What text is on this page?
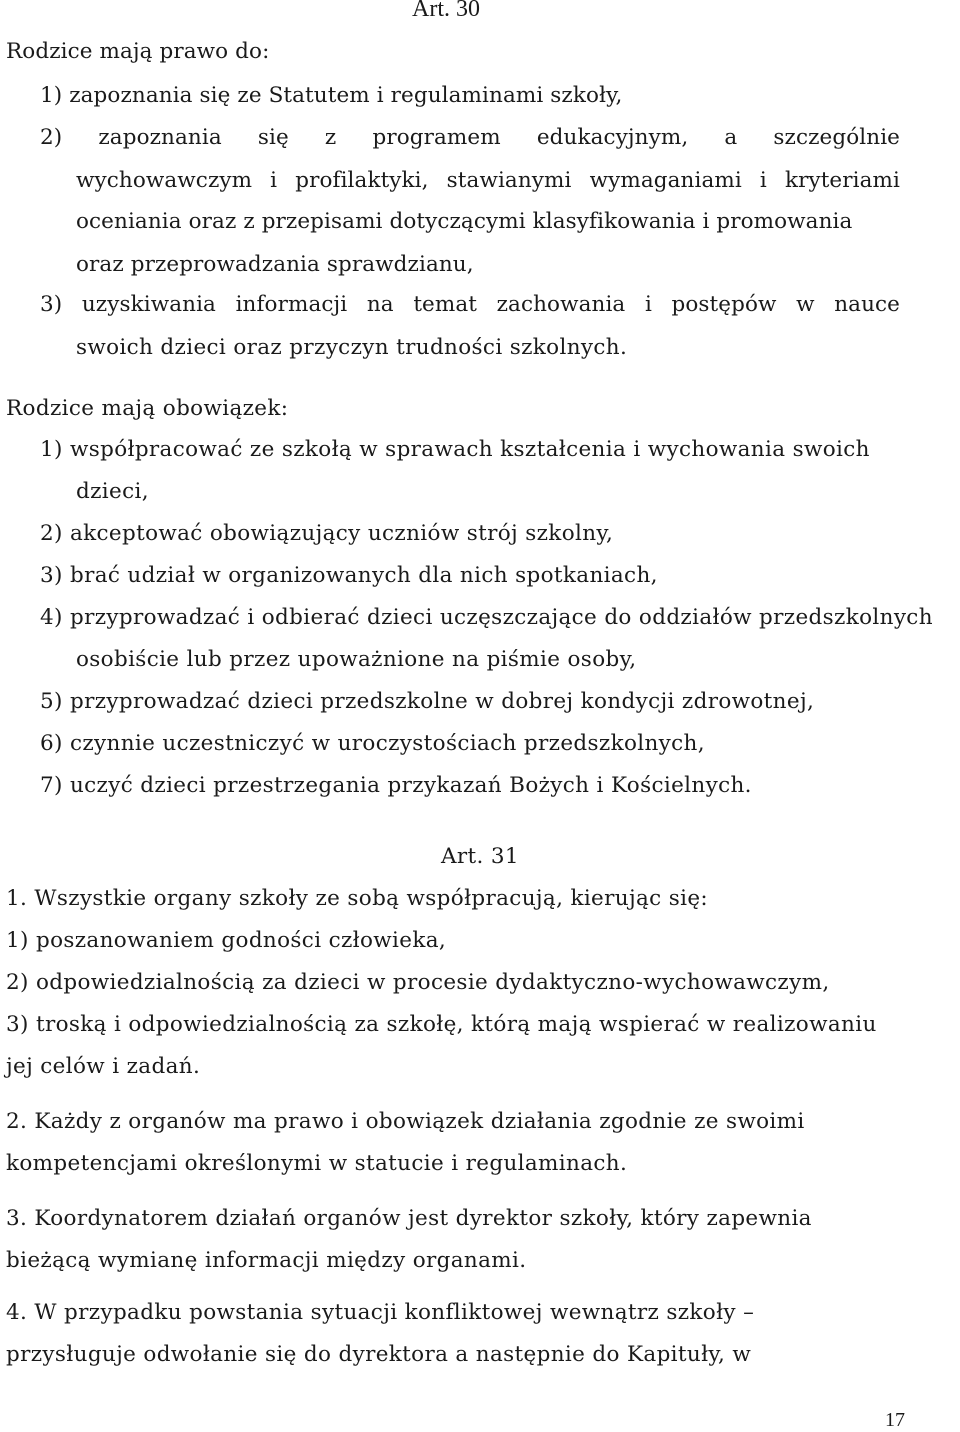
Art. 30
Rodzice mają prawo do:
1) zapoznania się ze Statutem i regulaminami szkoły,
2) zapoznania się z programem edukacyjnym, a szczególnie
wychowawczym i profilaktyki, stawianymi wymaganiami i kryteriami
oceniania oraz z przepisami dotyczącymi klasyfikowania i promowania
oraz przeprowadzania sprawdzianu,
3) uzyskiwania informacji na temat zachowania i postępów w nauce
swoich dzieci oraz przyczyn trudności szkolnych.
Rodzice mają obowiązek:
1) współpracować ze szkołą w sprawach kształcenia i wychowania swoich
dzieci,
2) akceptować obowiązujący uczniów strój szkolny,
3) brać udział w organizowanych dla nich spotkaniach,
4) przyprowadzać i odbierać dzieci uczęszczające do oddziałów przedszkolnych
osobiście lub przez upoważnione na piśmie osoby,
5) przyprowadzać dzieci przedszkolne w dobrej kondycji zdrowotnej,
6) czynnie uczestniczyć w uroczystościach przedszkolnych,
7) uczyć dzieci przestrzegania przykazań Bożych i Kościelnych.
Art. 31
1. Wszystkie organy szkoły ze sobą współpracują, kierując się:
1) poszanowaniem godności człowieka,
2) odpowiedzialnością za dzieci w procesie dydaktyczno-wychowawczym,
3) troską i odpowiedzialnością za szkołę, którą mają wspierać w realizowaniu
jej celów i zadań.
2. Każdy z organów ma prawo i obowiązek działania zgodnie ze swoimi
kompetencjami określonymi w statucie i regulaminach.
3. Koordynatorem działań organów jest dyrektor szkoły, który zapewnia
bieżącą wymianę informacji między organami.
4. W przypadku powstania sytuacji konfliktowej wewnątrz szkoły –
przysługuje odwołanie się do dyrektora a następnie do Kapituły, w
17
